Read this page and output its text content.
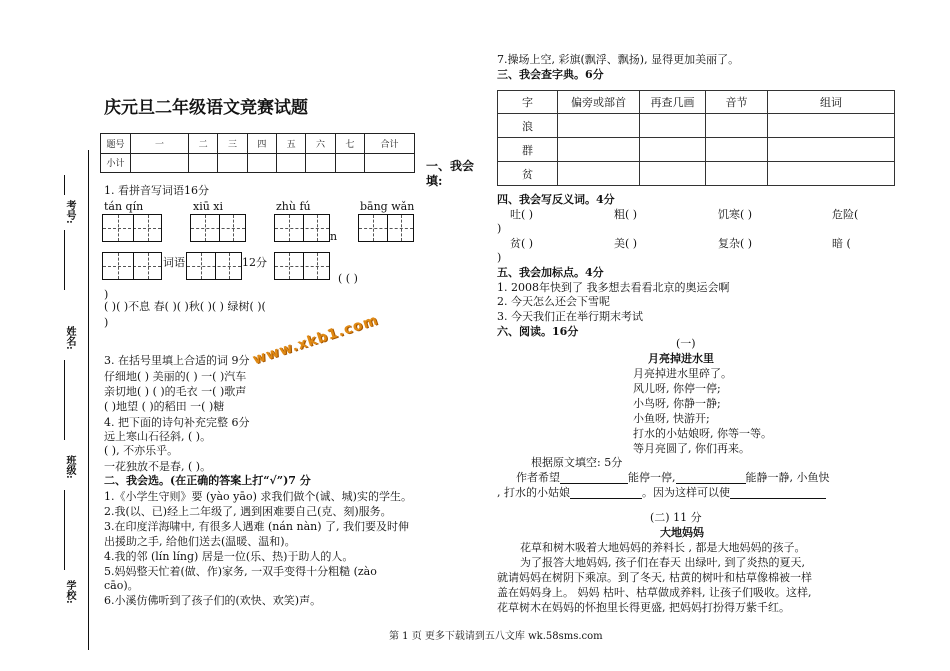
考号:
姓名:
班级:
学校:
庆元旦二年级语文竞赛试题
题号	一	二	三	四	五	六	七	合计
小计									一、我会
填:
1. 看拼音写词语16分
tán qín	xiū xi	zhù fú	bāng wǎn
n
词语	12分
( ( )
)
( )( )不息 春( )( )秋( )( ) 绿树( )(
)	www.xkb1.com
3. 在括号里填上合适的词 9分
仔细地( ) 美丽的( ) 一( )汽车
亲切地( ) ( )的毛衣 一( )歌声
( )地望 ( )的稻田 一( )糖
4. 把下面的诗句补充完整 6分
远上寒山石径斜, ( )。
( ), 不亦乐乎。
一花独放不是春, ( )。
二、我会选。(在正确的答案上打“√”)7 分
1.《小学生守则》要 (yào yāo) 求我们做个(诚、城)实的学生。
2.我(以、已)经上二年级了, 遇到困难要自己(克、刻)服务。
3.在印度洋海啸中, 有很多人遇难 (nán nàn) 了, 我们要及时伸
出援助之手, 给他们送去(温暖、温和)。
4.我的邻 (lín líng) 居是一位(乐、热)于助人的人。
5.妈妈整天忙着(做、作)家务, 一双手变得十分粗糙 (zào
cāo)。
6.小溪仿佛听到了孩子们的(欢快、欢笑)声。
7.操场上空, 彩旗(飘浮、飘扬), 显得更加美丽了。
三、我会查字典。6分
字	偏旁或部首	再查几画	音节	组词
浪				
群				
贫				
四、我会写反义词。4分
吐( )	粗( )	饥寒( )	危险(
)
贫( )	美( )	复杂( )	暗 (
)
五、我会加标点。4分
1. 2008年快到了 我多想去看看北京的奥运会啊
2. 今天怎么还会下雪呢
3. 今天我们正在举行期末考试
六、阅读。16分
(一)
月亮掉进水里
月亮掉进水里碎了。
风儿呀, 你停一停;
小鸟呀, 你静一静;
小鱼呀, 快游开;
打水的小姑娘呀, 你等一等。
等月亮圆了, 你们再来。
根据原文填空: 5分
作者希望	能停一停,	能静一静, 小鱼快
, 打水的小姑娘	。因为这样可以使
(二) 11 分
大地妈妈
花草和树木吸着大地妈妈的养料长 , 都是大地妈妈的孩子。
为了报答大地妈妈, 孩子们在春天 出绿叶, 到了炎热的夏天,
就请妈妈在树阴下乘凉。到了冬天, 枯黄的树叶和枯草像棉被一样
盖在妈妈身上。 妈妈 枯叶、枯草做成养料, 让孩子们吸收。这样,
花草树木在妈妈的怀抱里长得更盛, 把妈妈打扮得万紫千红。
第 1 页 更多下载请到五八文库 wk.58sms.com
